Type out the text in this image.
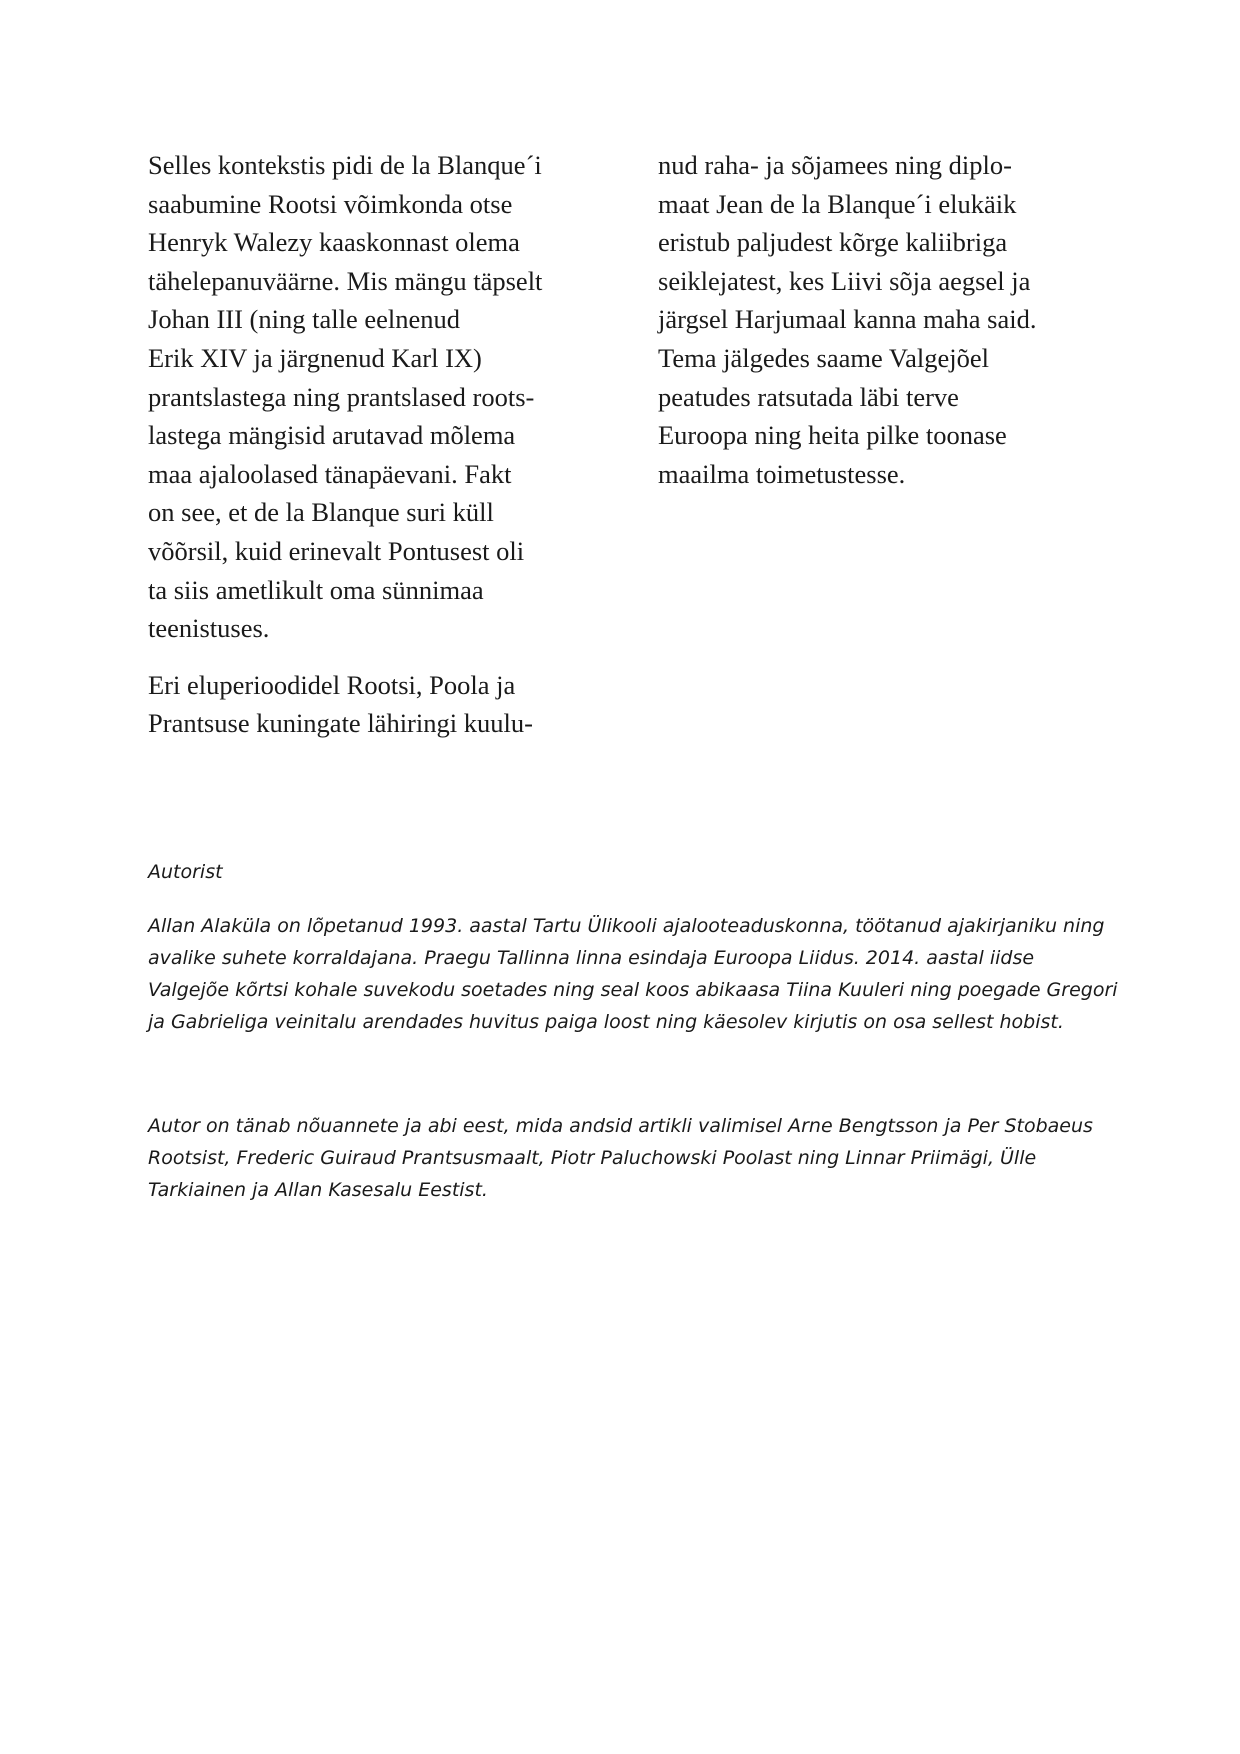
Selles kontekstis pidi de la Blanque´i
saabumine Rootsi võimkonda otse
Henryk Walezy kaaskonnast olema
tähelepanuväärne. Mis mängu täpselt
Johan III (ning talle eelnenud
Erik XIV ja järgnenud Karl IX)
prantslastega ning prantslased roots-
lastega mängisid arutavad mõlema
maa ajaloolased tänapäevani. Fakt
on see, et de la Blanque suri küll
võõrsil, kuid erinevalt Pontusest oli
ta siis ametlikult oma sünnimaa
teenistuses.
Eri eluperioodidel Rootsi, Poola ja
Prantsuse kuningate lähiringi kuulu-
nud raha- ja sõjamees ning diplo-
maat Jean de la Blanque´i elukäik
eristub paljudest kõrge kaliibriga
seiklejatest, kes Liivi sõja aegsel ja
järgsel Harjumaal kanna maha said.
Tema jälgedes saame Valgejõel
peatudes ratsutada läbi terve
Euroopa ning heita pilke toonase
maailma toimetustesse.
Autorist
Allan Alaküla on lõpetanud 1993. aastal Tartu Ülikooli ajalooteaduskonna, töötanud ajakirjaniku ning
avalike suhete korraldajana. Praegu Tallinna linna esindaja Euroopa Liidus. 2014. aastal iidse
Valgejõe kõrtsi kohale suvekodu soetades ning seal koos abikaasa Tiina Kuuleri ning poegade Gregori
ja Gabrieliga veinitalu arendades huvitus paiga loost ning käesolev kirjutis on osa sellest hobist.
Autor on tänab nõuannete ja abi eest, mida andsid artikli valimisel Arne Bengtsson ja Per Stobaeus
Rootsist, Frederic Guiraud Prantsusmaalt, Piotr Paluchowski Poolast ning Linnar Priimägi, Ülle
Tarkiainen ja Allan Kasesalu Eestist.
